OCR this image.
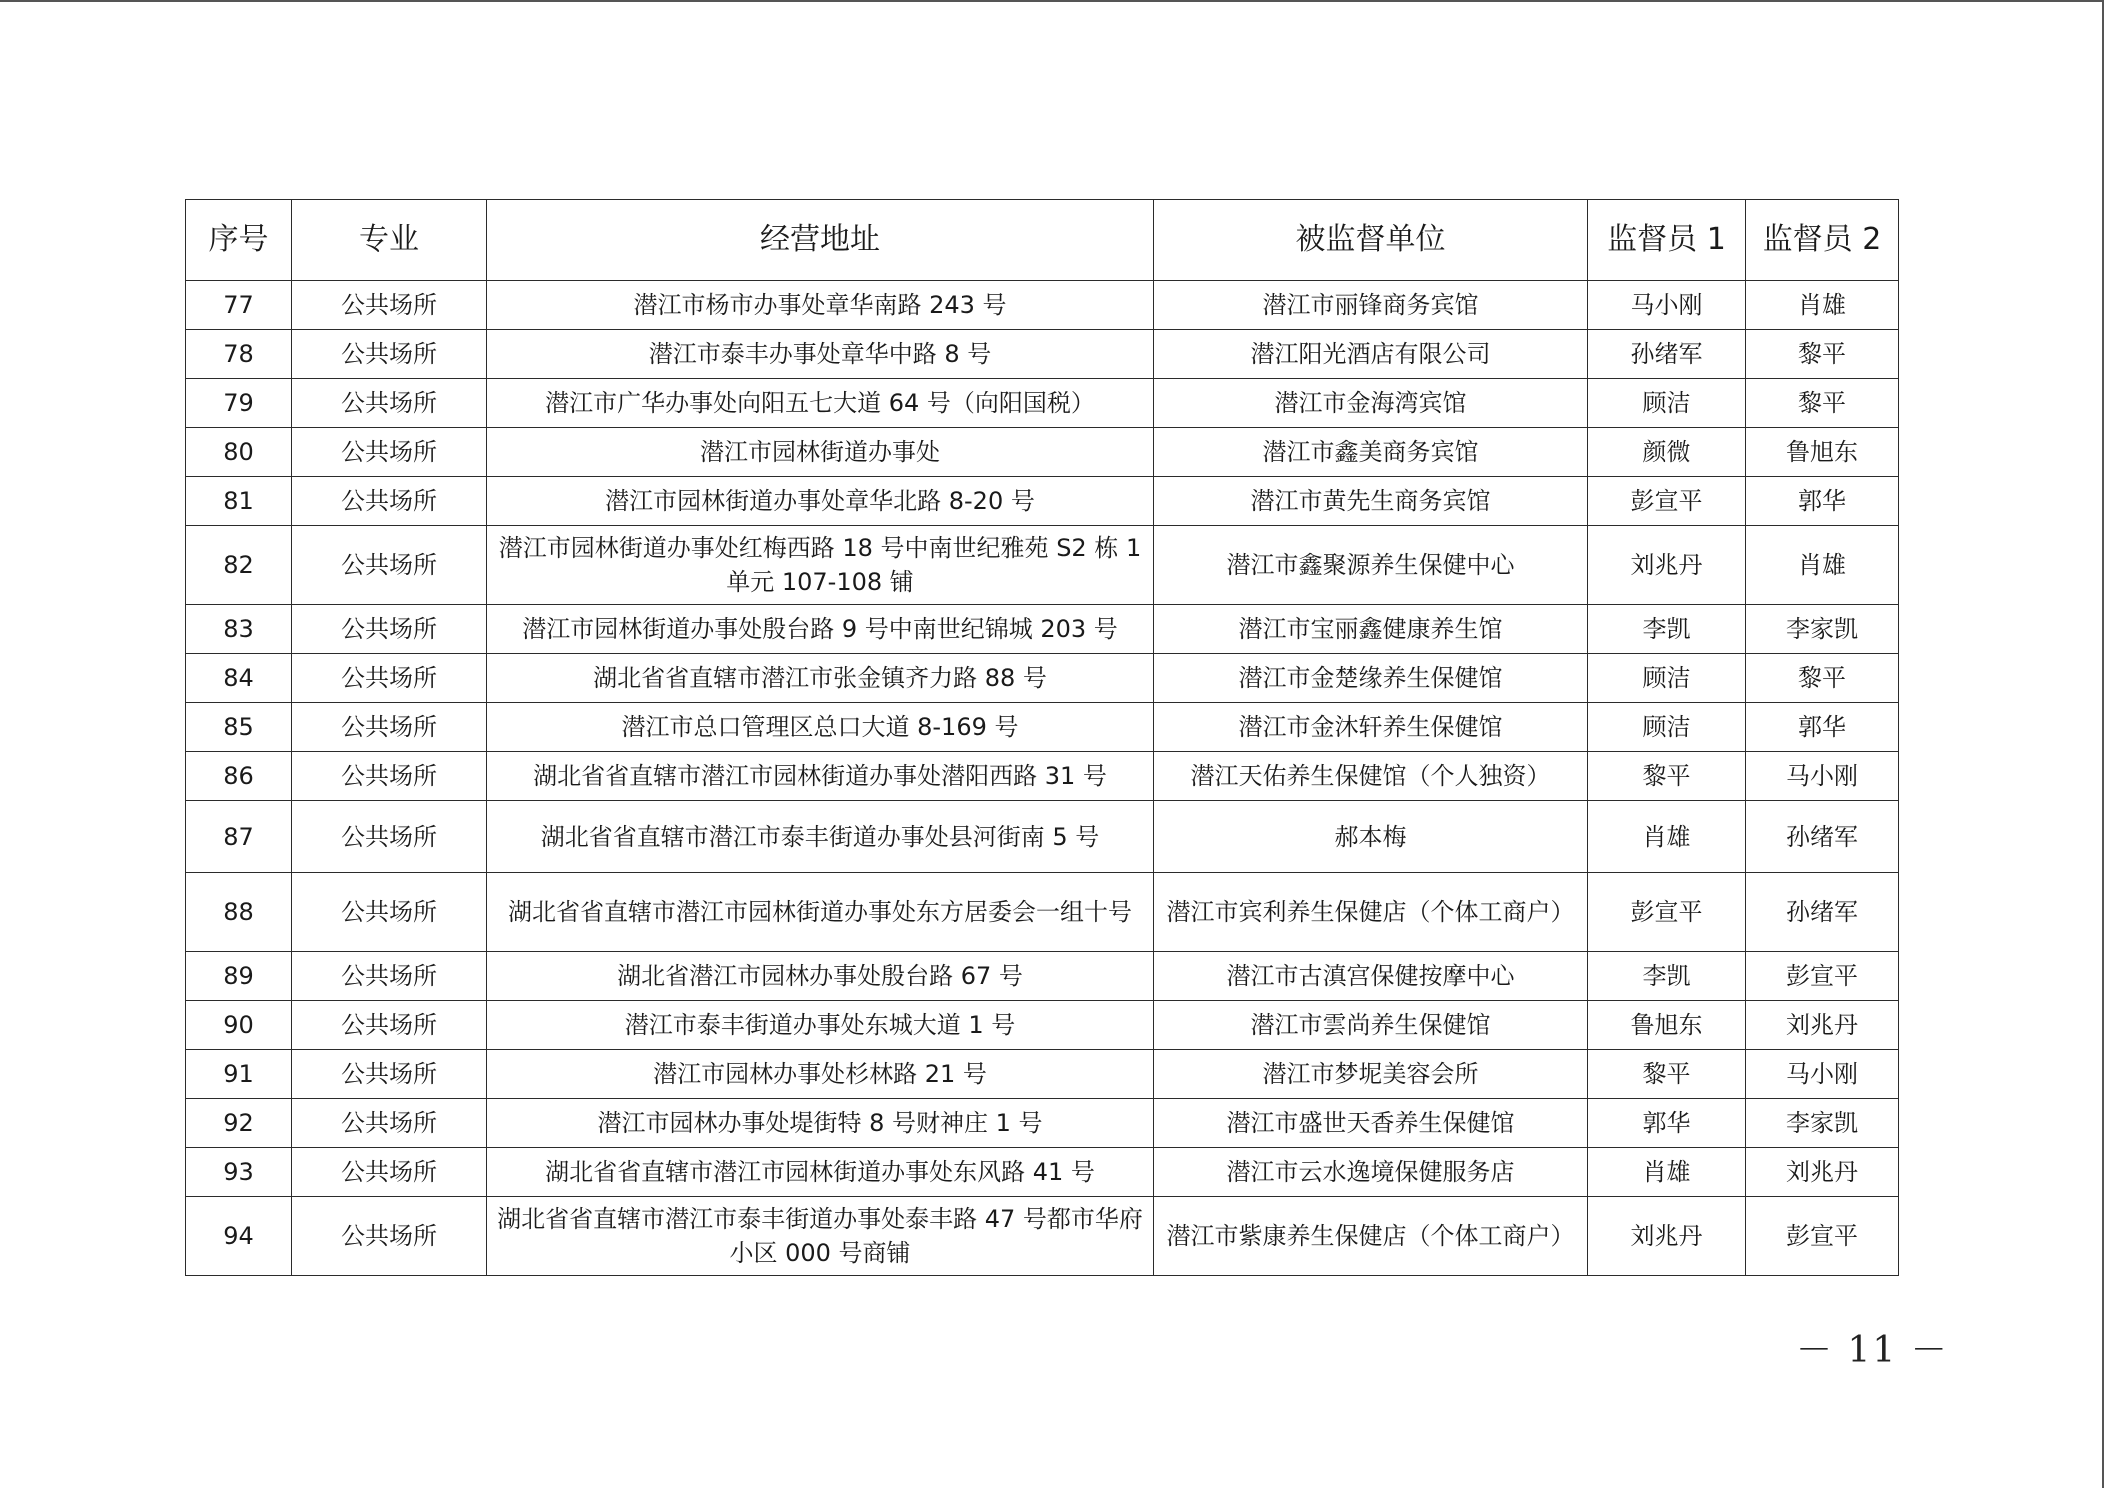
序号	专业	经营地址	被监督单位	监督员 1	监督员 2
77	公共场所	潜江市杨市办事处章华南路 243 号	潜江市丽锋商务宾馆	马小刚	肖雄
78	公共场所	潜江市泰丰办事处章华中路 8 号	潜江阳光酒店有限公司	孙绪军	黎平
79	公共场所	潜江市广华办事处向阳五七大道 64 号（向阳国税）	潜江市金海湾宾馆	顾洁	黎平
80	公共场所	潜江市园林街道办事处	潜江市鑫美商务宾馆	颜微	鲁旭东
81	公共场所	潜江市园林街道办事处章华北路 8-20 号	潜江市黄先生商务宾馆	彭宣平	郭华
82	公共场所	潜江市园林街道办事处红梅西路 18 号中南世纪雅苑 S2 栋 1 单元 107-108 铺	潜江市鑫聚源养生保健中心	刘兆丹	肖雄
83	公共场所	潜江市园林街道办事处殷台路 9 号中南世纪锦城 203 号	潜江市宝丽鑫健康养生馆	李凯	李家凯
84	公共场所	湖北省省直辖市潜江市张金镇齐力路 88 号	潜江市金楚缘养生保健馆	顾洁	黎平
85	公共场所	潜江市总口管理区总口大道 8-169 号	潜江市金沐轩养生保健馆	顾洁	郭华
86	公共场所	湖北省省直辖市潜江市园林街道办事处潜阳西路 31 号	潜江天佑养生保健馆（个人独资）	黎平	马小刚
87	公共场所	湖北省省直辖市潜江市泰丰街道办事处县河街南 5 号	郝本梅	肖雄	孙绪军
88	公共场所	湖北省省直辖市潜江市园林街道办事处东方居委会一组十号	潜江市宾利养生保健店（个体工商户）	彭宣平	孙绪军
89	公共场所	湖北省潜江市园林办事处殷台路 67 号	潜江市古滇宫保健按摩中心	李凯	彭宣平
90	公共场所	潜江市泰丰街道办事处东城大道 1 号	潜江市雲尚养生保健馆	鲁旭东	刘兆丹
91	公共场所	潜江市园林办事处杉林路 21 号	潜江市梦坭美容会所	黎平	马小刚
92	公共场所	潜江市园林办事处堤街特 8 号财神庄 1 号	潜江市盛世天香养生保健馆	郭华	李家凯
93	公共场所	湖北省省直辖市潜江市园林街道办事处东风路 41 号	潜江市云水逸境保健服务店	肖雄	刘兆丹
94	公共场所	湖北省省直辖市潜江市泰丰街道办事处泰丰路 47 号都市华府小区 000 号商铺	潜江市紫康养生保健店（个体工商户）	刘兆丹	彭宣平
－ 11 －
